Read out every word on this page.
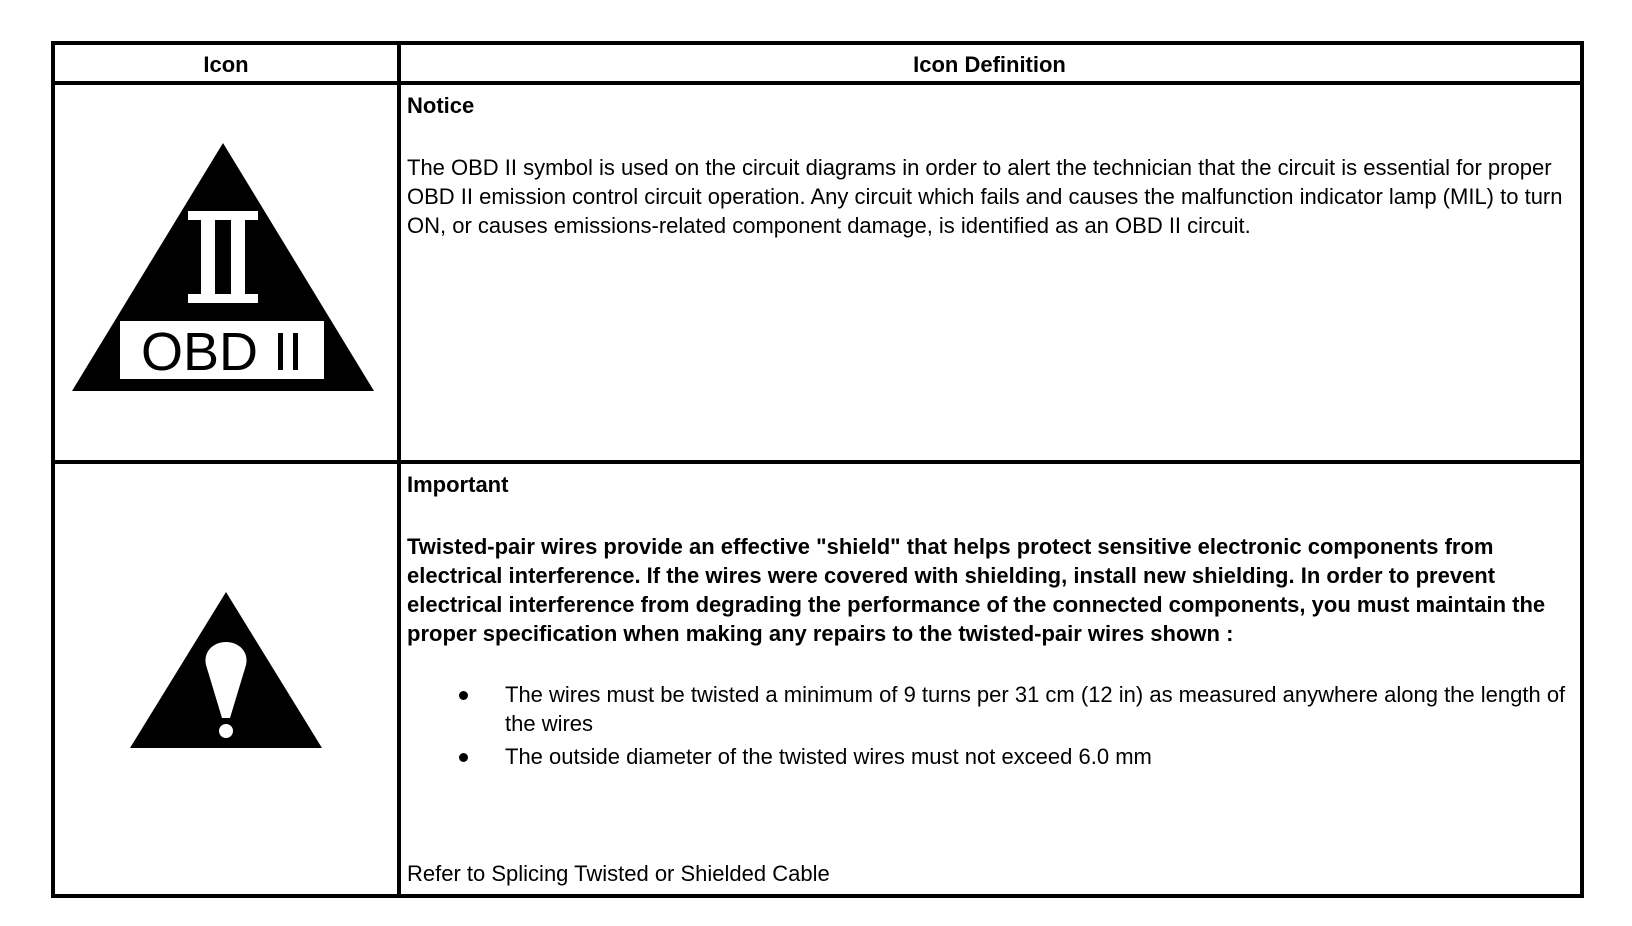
Icon	Icon Definition
OBD II
Notice
The OBD II symbol is used on the circuit diagrams in order to alert the technician that the circuit is essential for proper OBD II emission control circuit operation. Any circuit which fails and causes the malfunction indicator lamp (MIL) to turn ON, or causes emissions-related component damage, is identified as an OBD II circuit.
Important
Twisted-pair wires provide an effective "shield" that helps protect sensitive electronic components from electrical interference. If the wires were covered with shielding, install new shielding. In order to prevent electrical interference from degrading the performance of the connected components, you must maintain the proper specification when making any repairs to the twisted-pair wires shown :
The wires must be twisted a minimum of 9 turns per 31 cm (12 in) as measured anywhere along the length of the wires
The outside diameter of the twisted wires must not exceed 6.0 mm
Refer to Splicing Twisted or Shielded Cable
